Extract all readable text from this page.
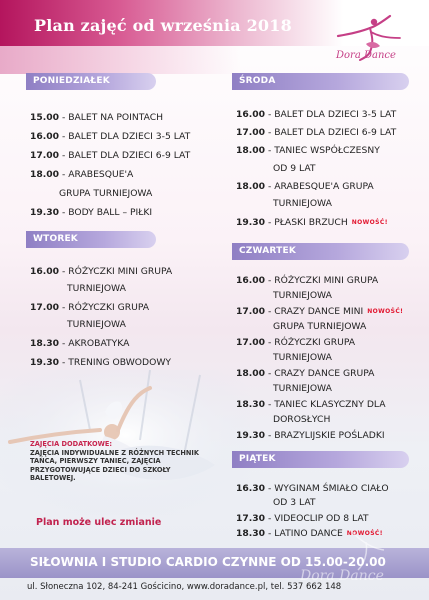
Plan zajęć od września 2018
Dora Dance
PONIEDZIAŁEK
15.00 - BALET NA POINTACH
16.00 - BALET DLA DZIECI 3-5 LAT
17.00 - BALET DLA DZIECI 6-9 LAT
18.00 - ARABESQUE'A
GRUPA TURNIEJOWA
19.30 - BODY BALL – PIŁKI
WTOREK
16.00 - RÓŻYCZKI MINI GRUPA
TURNIEJOWA
17.00 - RÓŻYCZKI GRUPA
TURNIEJOWA
18.30 - AKROBATYKA
19.30 - TRENING OBWODOWY
ZAJĘCIA DODATKOWE:
ZAJĘCIA INDYWIDUALNE Z RÓŻNYCH TECHNIK
TAŃCA, PIERWSZY TANIEC, ZAJĘCIA
PRZYGOTOWUJĄCE DZIECI DO SZKOŁY
BALETOWEJ.
Plan może ulec zmianie
ŚRODA
16.00 - BALET DLA DZIECI 3-5 LAT
17.00 - BALET DLA DZIECI 6-9 LAT
18.00 - TANIEC WSPÓŁCZESNY
OD 9 LAT
18.00 - ARABESQUE'A GRUPA
TURNIEJOWA
19.30 - PŁASKI BRZUCH NOWOŚĆ!
CZWARTEK
16.00 - RÓŻYCZKI MINI GRUPA
TURNIEJOWA
17.00 - CRAZY DANCE MINI NOWOŚĆ!
GRUPA TURNIEJOWA
17.00 - RÓŻYCZKI GRUPA
TURNIEJOWA
18.00 - CRAZY DANCE GRUPA
TURNIEJOWA
18.30 - TANIEC KLASYCZNY DLA
DOROSŁYCH
19.30 - BRAZYLIJSKIE POŚLADKI
PIĄTEK
16.30 - WYGINAM ŚMIAŁO CIAŁO
OD 3 LAT
17.30 - VIDEOCLIP OD 8 LAT
18.30 - LATINO DANCE NOWOŚĆ!
SIŁOWNIA I STUDIO CARDIO CZYNNE OD 15.00-20.00
ul. Słoneczna 102, 84-241 Gościcino, www.doradance.pl, tel. 537 662 148
Dora Dance
